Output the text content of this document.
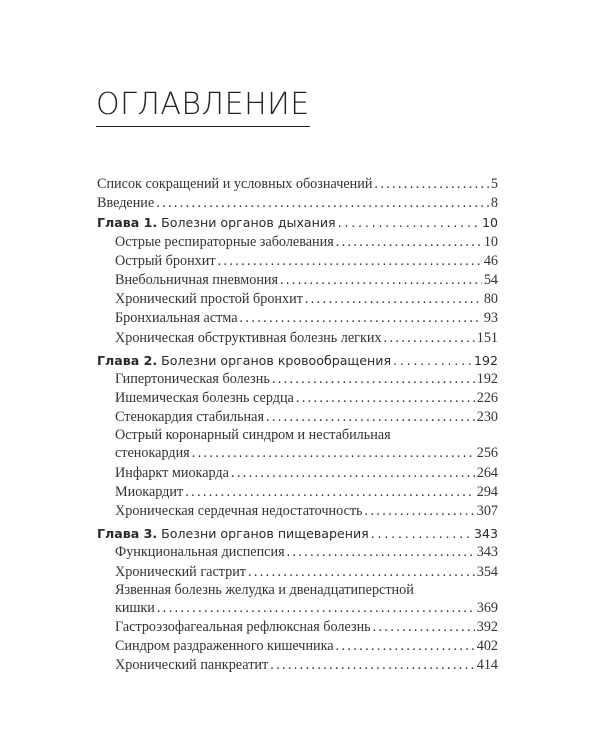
ОГЛАВЛЕНИЕ
Список сокращений и условных обозначений . . .	5
Введение . . .	8
Глава 1. Болезни органов дыхания . . .	10
Острые респираторные заболевания . . .	10
Острый бронхит . . .	46
Внебольничная пневмония . . .	54
Хронический простой бронхит . . .	80
Бронхиальная астма . . .	93
Хроническая обструктивная болезнь легких . . .	151
Глава 2. Болезни органов кровообращения . . .	192
Гипертоническая болезнь . . .	192
Ишемическая болезнь сердца . . .	226
Стенокардия стабильная . . .	230
Острый коронарный синдром и нестабильная
стенокардия . . .	256
Инфаркт миокарда . . .	264
Миокардит . . .	294
Хроническая сердечная недостаточность . . .	307
Глава 3. Болезни органов пищеварения . . .	343
Функциональная диспепсия . . .	343
Хронический гастрит . . .	354
Язвенная болезнь желудка и двенадцатиперстной
кишки . . .	369
Гастроэзофагеальная рефлюксная болезнь . . .	392
Синдром раздраженного кишечника . . .	402
Хронический панкреатит . . .	414
